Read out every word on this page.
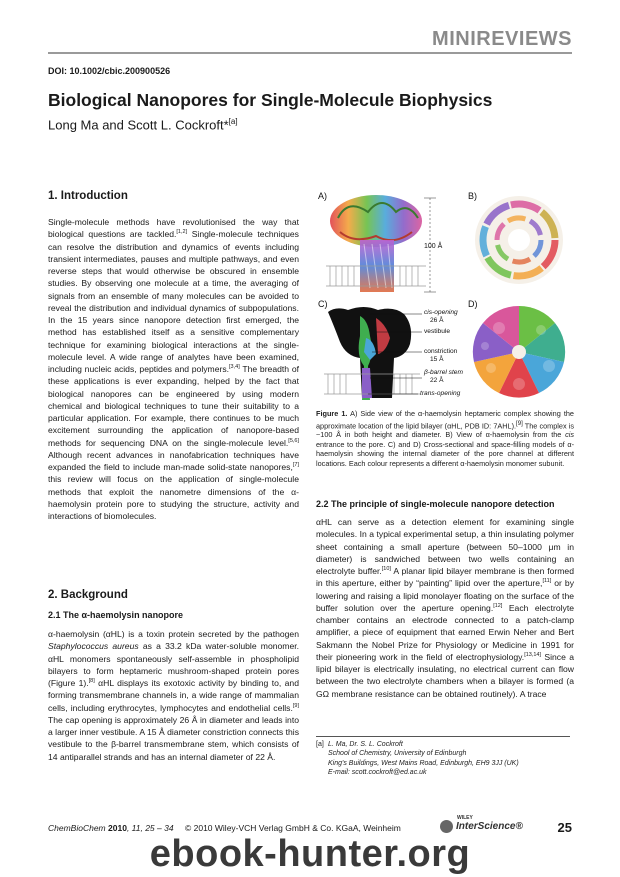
MINIREVIEWS
DOI: 10.1002/cbic.200900526
Biological Nanopores for Single-Molecule Biophysics
Long Ma and Scott L. Cockroft*[a]
1. Introduction
Single-molecule methods have revolutionised the way that biological questions are tackled.[1,2] Single-molecule techniques can resolve the distribution and dynamics of events including transient intermediates, pauses and multiple pathways, and even reverse steps that would otherwise be obscured in ensemble studies. By observing one molecule at a time, the averaging of signals from an ensemble of many molecules can be avoided to reveal the distribution and individual dynamics of subpopulations. In the 15 years since nanopore detection first emerged, the method has established itself as a sensitive complementary technique for examining biological interactions at the single-molecule level. A wide range of analytes have been examined, including nucleic acids, peptides and polymers.[3,4] The breadth of these applications is ever expanding, helped by the fact that biological nanopores can be engineered by using modern chemical and biological techniques to tune their suitability to a particular application. For example, there continues to be much excitement surrounding the application of nanopore-based methods for sequencing DNA on the single-molecule level.[5,6] Although recent advances in nanofabrication techniques have expanded the field to include man-made solid-state nanopores,[7] this review will focus on the application of single-molecule methods that exploit the nanometre dimensions of the α-haemolysin protein pore to studying the structure, activity and interactions of biomolecules.
2. Background
2.1 The α-haemolysin nanopore
α-haemolysin (αHL) is a toxin protein secreted by the pathogen Staphylococcus aureus as a 33.2 kDa water-soluble monomer. αHL monomers spontaneously self-assemble in phospholipid bilayers to form heptameric mushroom-shaped protein pores (Figure 1).[8] αHL displays its exotoxic activity by binding to, and forming transmembrane channels in, a wide range of mammalian cells, including erythrocytes, lymphocytes and endothelial cells.[9] The cap opening is approximately 26 Å in diameter and leads into a larger inner vestibule. A 15 Å diameter constriction connects this vestibule to the β-barrel transmembrane stem, which consists of 14 antiparallel strands and has an internal diameter of 22 Å.
A)
100 Å
B)
C)
cis-opening
26 Å
vestibule
constriction
15 Å
β-barrel stem
22 Å
trans-opening
D)
Figure 1. A) Side view of the α-haemolysin heptameric complex showing the approximate location of the lipid bilayer (αHL, PDB ID: 7AHL).[9] The complex is ~100 Å in both height and diameter. B) View of α-haemolysin from the cis entrance to the pore. C) and D) Cross-sectional and space-filling models of α-haemolysin showing the internal diameter of the pore channel at different locations. Each colour represents a different α-haemolysin monomer subunit.
2.2 The principle of single-molecule nanopore detection
αHL can serve as a detection element for examining single molecules. In a typical experimental setup, a thin insulating polymer sheet containing a small aperture (between 50–1000 μm in diameter) is sandwiched between two wells containing an electrolyte buffer.[10] A planar lipid bilayer membrane is then formed in this aperture, either by “painting” lipid over the aperture,[11] or by lowering and raising a lipid monolayer floating on the surface of the buffer solution over the aperture opening.[12] Each electrolyte chamber contains an electrode connected to a patch-clamp amplifier, a piece of equipment that earned Erwin Neher and Bert Sakmann the Nobel Prize for Physiology or Medicine in 1991 for their pioneering work in the field of electrophysiology.[13,14] Since a lipid bilayer is electrically insulating, no electrical current can flow between the two electrolyte chambers when a bilayer is formed (a GΩ membrane resistance can be obtained routinely). A trace
[a] L. Ma, Dr. S. L. Cockroft
School of Chemistry, University of Edinburgh
King's Buildings, West Mains Road, Edinburgh, EH9 3JJ (UK)
E-mail: scott.cockroft@ed.ac.uk
ChemBioChem 2010, 11, 25 – 34 © 2010 Wiley-VCH Verlag GmbH & Co. KGaA, Weinheim
WILEY
InterScience®	25
ebook-hunter.org
